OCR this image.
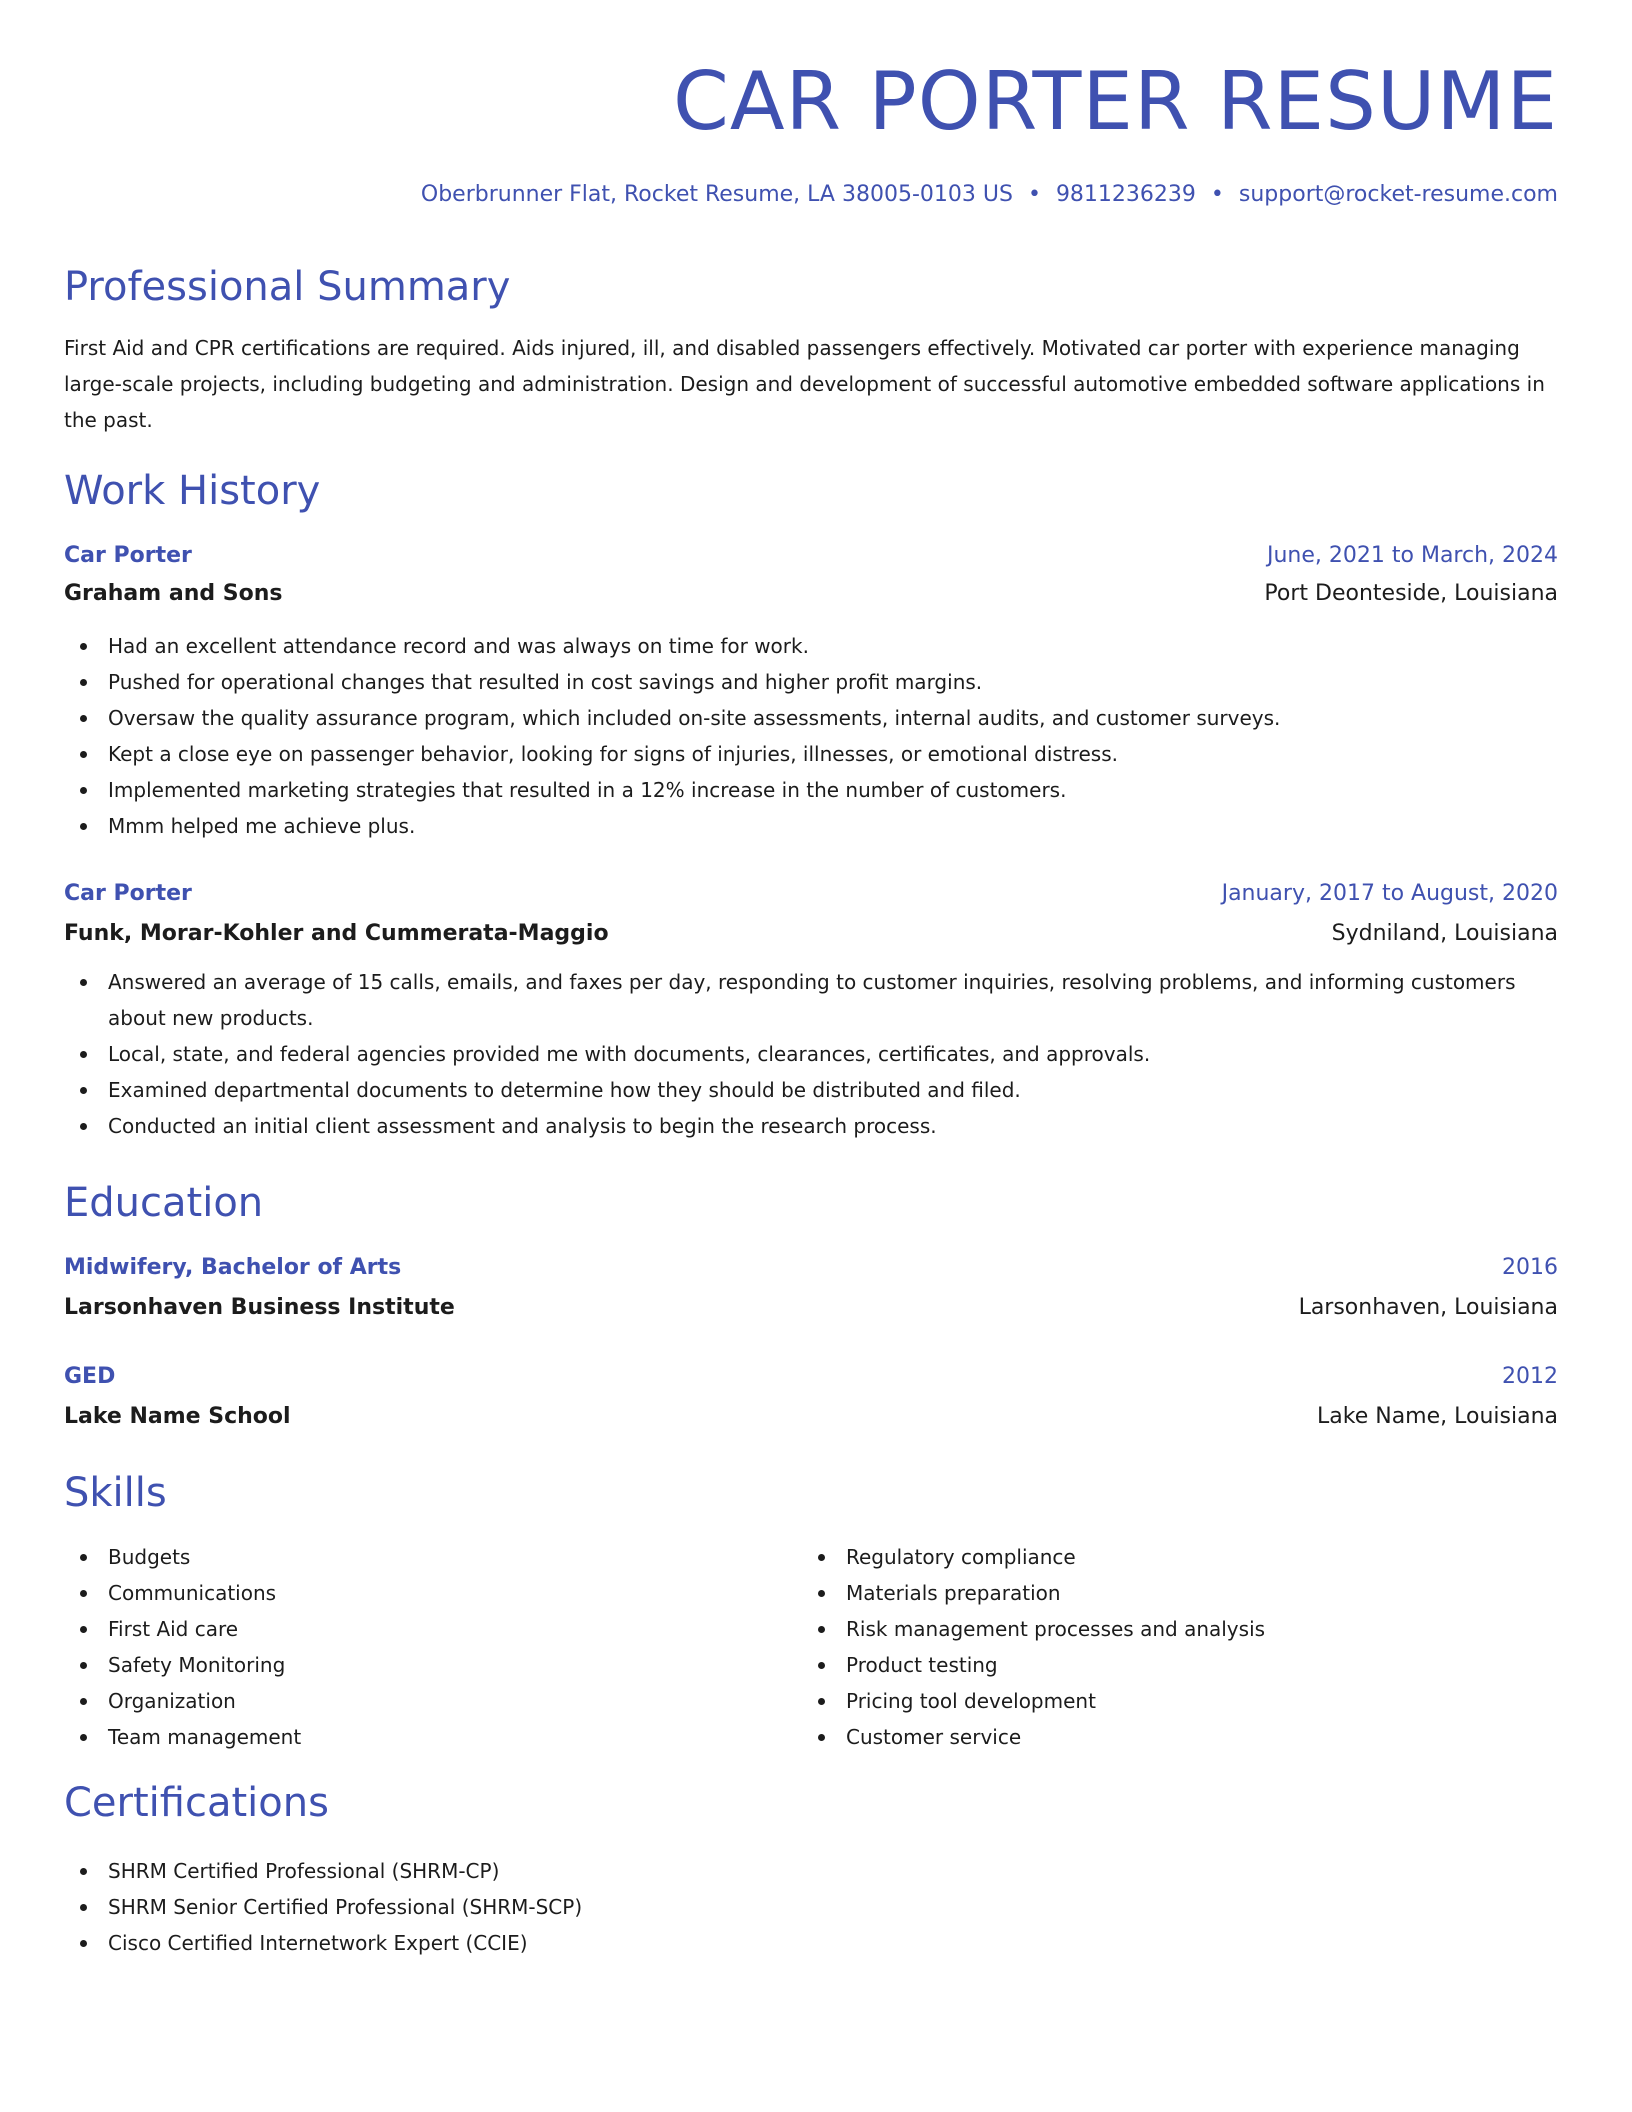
CAR PORTER RESUME
Oberbrunner Flat, Rocket Resume, LA 38005-0103 US • 9811236239 • support@rocket-resume.com
Professional Summary

First Aid and CPR certifications are required. Aids injured, ill, and disabled passengers effectively. Motivated car porter with experience managing large-scale projects, including budgeting and administration. Design and development of successful automotive embedded software applications in the past.

Work History
Car Porter	June, 2021 to March, 2024
Graham and Sons	Port Deonteside, Louisiana
Had an excellent attendance record and was always on time for work.
Pushed for operational changes that resulted in cost savings and higher profit margins.
Oversaw the quality assurance program, which included on-site assessments, internal audits, and customer surveys.
Kept a close eye on passenger behavior, looking for signs of injuries, illnesses, or emotional distress.
Implemented marketing strategies that resulted in a 12% increase in the number of customers.
Mmm helped me achieve plus.
Car Porter	January, 2017 to August, 2020
Funk, Morar-Kohler and Cummerata-Maggio	Sydniland, Louisiana
Answered an average of 15 calls, emails, and faxes per day, responding to customer inquiries, resolving problems, and informing customers about new products.
Local, state, and federal agencies provided me with documents, clearances, certificates, and approvals.
Examined departmental documents to determine how they should be distributed and filed.
Conducted an initial client assessment and analysis to begin the research process.
Education
Midwifery, Bachelor of Arts	2016
Larsonhaven Business Institute	Larsonhaven, Louisiana
GED	2012
Lake Name School	Lake Name, Louisiana
Skills
Budgets
Communications
First Aid care
Safety Monitoring
Organization
Team management
Regulatory compliance
Materials preparation
Risk management processes and analysis
Product testing
Pricing tool development
Customer service
Certifications
SHRM Certified Professional (SHRM-CP)
SHRM Senior Certified Professional (SHRM-SCP)
Cisco Certified Internetwork Expert (CCIE)
